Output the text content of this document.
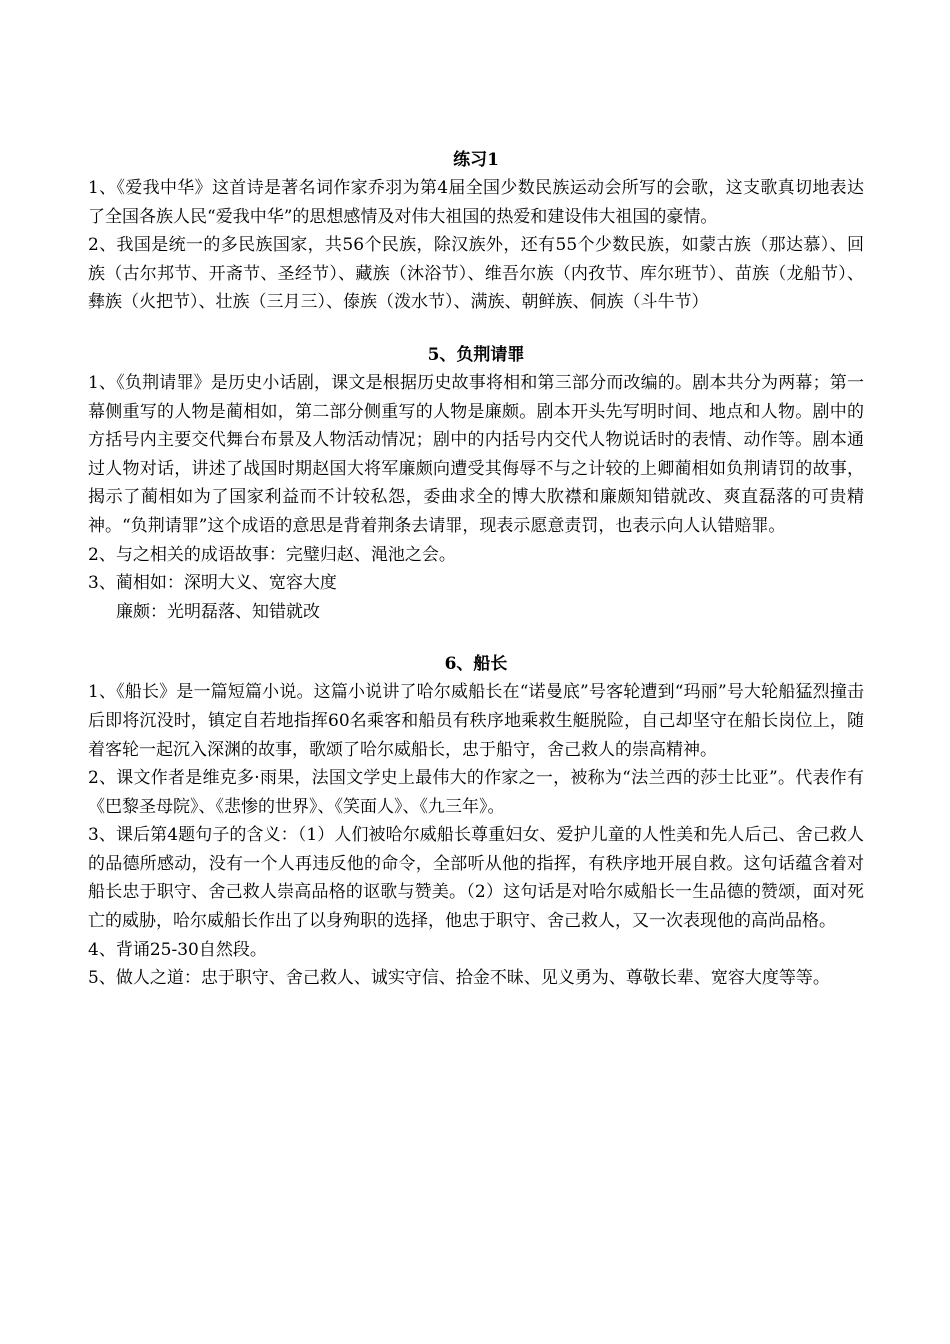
练习1

1、《爱我中华》这首诗是著名词作家乔羽为第4届全国少数民族运动会所写的会歌，这支歌真切地表达了全国各族人民“爱我中华”的思想感情及对伟大祖国的热爱和建设伟大祖国的豪情。

2、我国是统一的多民族国家，共56个民族，除汉族外，还有55个少数民族，如蒙古族（那达慕）、回族（古尔邦节、开斋节、圣经节）、藏族（沐浴节）、维吾尔族（内孜节、库尔班节）、苗族（龙船节）、彝族（火把节）、壮族（三月三）、傣族（泼水节）、满族、朝鲜族、侗族（斗牛节）

5、负荆请罪

1、《负荆请罪》是历史小话剧，课文是根据历史故事将相和第三部分而改编的。剧本共分为两幕；第一幕侧重写的人物是蔺相如，第二部分侧重写的人物是廉颇。剧本开头先写明时间、地点和人物。剧中的方括号内主要交代舞台布景及人物活动情况；剧中的内括号内交代人物说话时的表情、动作等。剧本通过人物对话，讲述了战国时期赵国大将军廉颇向遭受其侮辱不与之计较的上卿蔺相如负荆请罚的故事，揭示了蔺相如为了国家利益而不计较私怨，委曲求全的博大肷襟和廉颇知错就改、爽直磊落的可贵精神。“负荆请罪”这个成语的意思是背着荆条去请罪，现表示愿意责罚，也表示向人认错赔罪。

2、与之相关的成语故事：完璧归赵、渑池之会。

3、蔺相如：深明大义、宽容大度

廉颇：光明磊落、知错就改

6、船长

1、《船长》是一篇短篇小说。这篇小说讲了哈尔威船长在“诺曼底”号客轮遭到“玛丽”号大轮船猛烈撞击后即将沉没时，镇定自若地指挥60名乘客和船员有秩序地乘救生艇脱险，自己却坚守在船长岗位上，随着客轮一起沉入深渊的故事，歌颂了哈尔威船长，忠于船守，舍己救人的崇高精神。

2、课文作者是维克多·雨果，法国文学史上最伟大的作家之一，被称为“法兰西的莎士比亚”。代表作有《巴黎圣母院》、《悲惨的世界》、《笑面人》、《九三年》。

3、课后第4题句子的含义：（1）人们被哈尔威船长尊重妇女、爱护儿童的人性美和先人后己、舍己救人的品德所感动，没有一个人再违反他的命令，全部听从他的指挥，有秩序地开展自救。这句话蕴含着对船长忠于职守、舍己救人崇高品格的讴歌与赞美。（2）这句话是对哈尔威船长一生品德的赞颂，面对死亡的威胁，哈尔威船长作出了以身殉职的选择，他忠于职守、舍己救人，又一次表现他的高尚品格。

4、背诵25-30自然段。

5、做人之道：忠于职守、舍己救人、诚实守信、拾金不昧、见义勇为、尊敬长辈、宽容大度等等。
